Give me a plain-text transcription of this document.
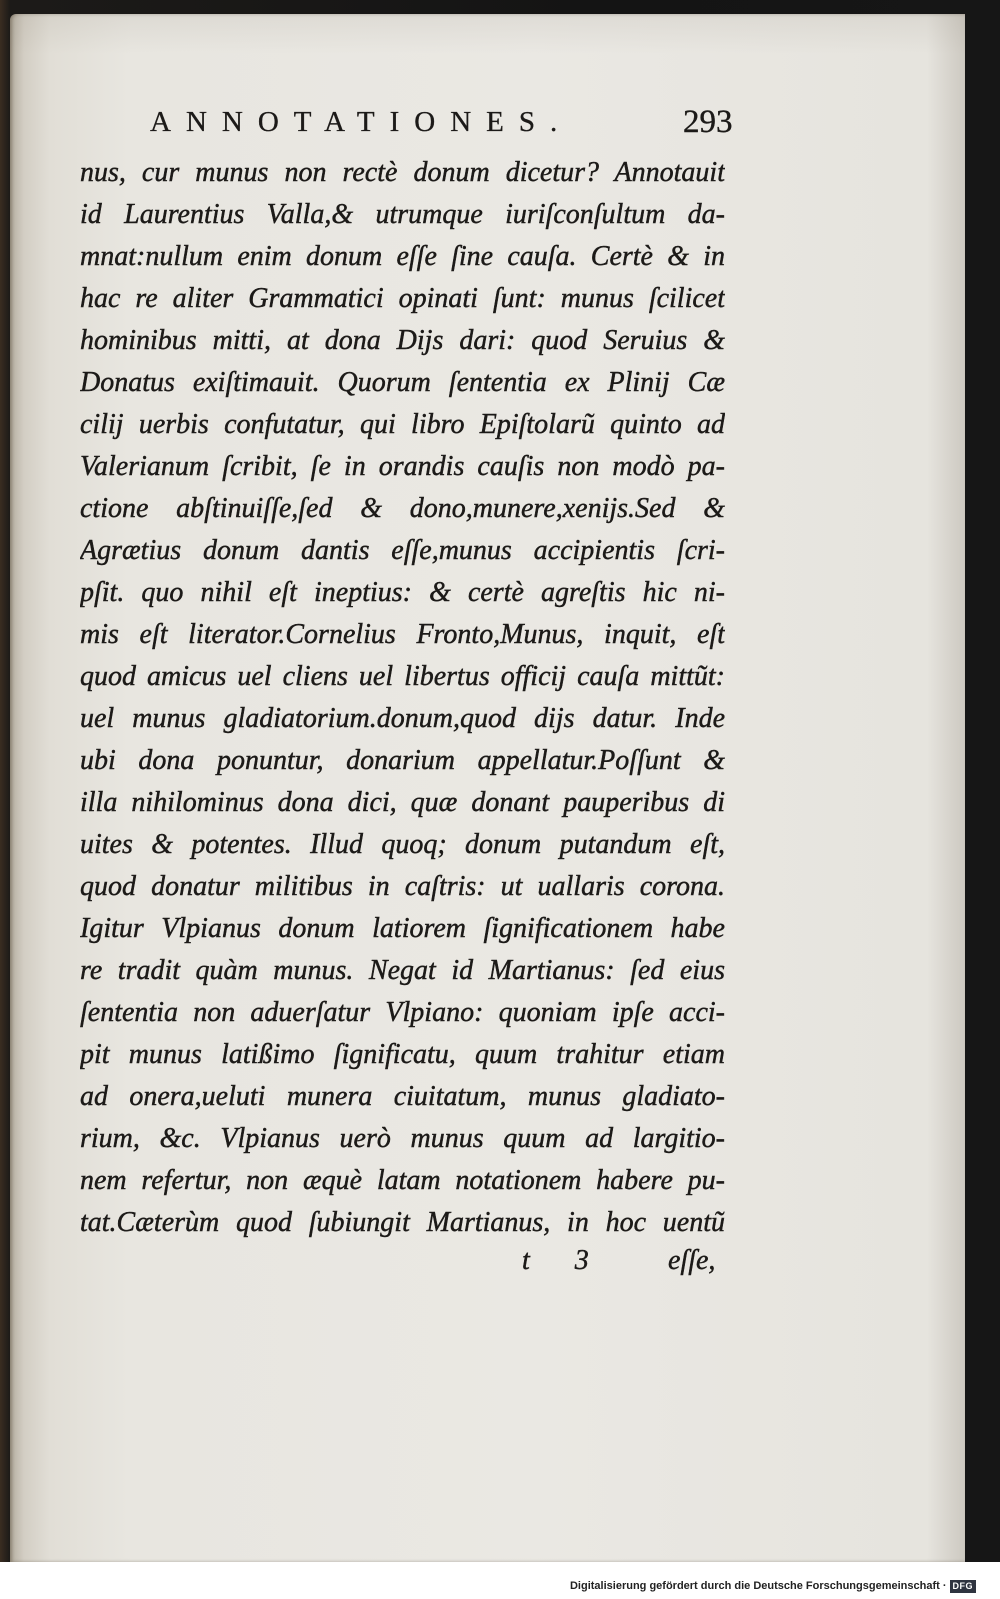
ANNOTATIONES.	293
nus, cur munus non rectè donum dicetur? Annotauit
id Laurentius Valla,& utrumque iuriſconſultum da-
mnat:nullum enim donum eſſe ſine cauſa. Certè & in
hac re aliter Grammatici opinati ſunt: munus ſcilicet
hominibus mitti, at dona Dijs dari: quod Seruius &
Donatus exiſtimauit. Quorum ſententia ex Plinij Cæ
cilij uerbis confutatur, qui libro Epiſtolarũ quinto ad
Valerianum ſcribit, ſe in orandis cauſis non modò pa-
ctione abſtinuiſſe,ſed & dono,munere,xenijs.Sed &
Agrætius donum dantis eſſe,munus accipientis ſcri-
pſit. quo nihil eſt ineptius: & certè agreſtis hic ni-
mis eſt literator.Cornelius Fronto,Munus, inquit, eſt
quod amicus uel cliens uel libertus officij cauſa mittũt:
uel munus gladiatorium.donum,quod dijs datur. Inde
ubi dona ponuntur, donarium appellatur.Poſſunt &
illa nihilominus dona dici, quæ donant pauperibus di
uites & potentes. Illud quoq; donum putandum eſt,
quod donatur militibus in caſtris: ut uallaris corona.
Igitur Vlpianus donum latiorem ſignificationem habe
re tradit quàm munus. Negat id Martianus: ſed eius
ſententia non aduerſatur Vlpiano: quoniam ipſe acci-
pit munus latißimo ſignificatu, quum trahitur etiam
ad onera,ueluti munera ciuitatum, munus gladiato-
rium, &c. Vlpianus uerò munus quum ad largitio-
nem refertur, non æquè latam notationem habere pu-
tat.Cæterùm quod ſubiungit Martianus, in hoc uentũ
t 3	eſſe,
Digitalisierung gefördert durch die Deutsche Forschungsgemeinschaft · DFG
